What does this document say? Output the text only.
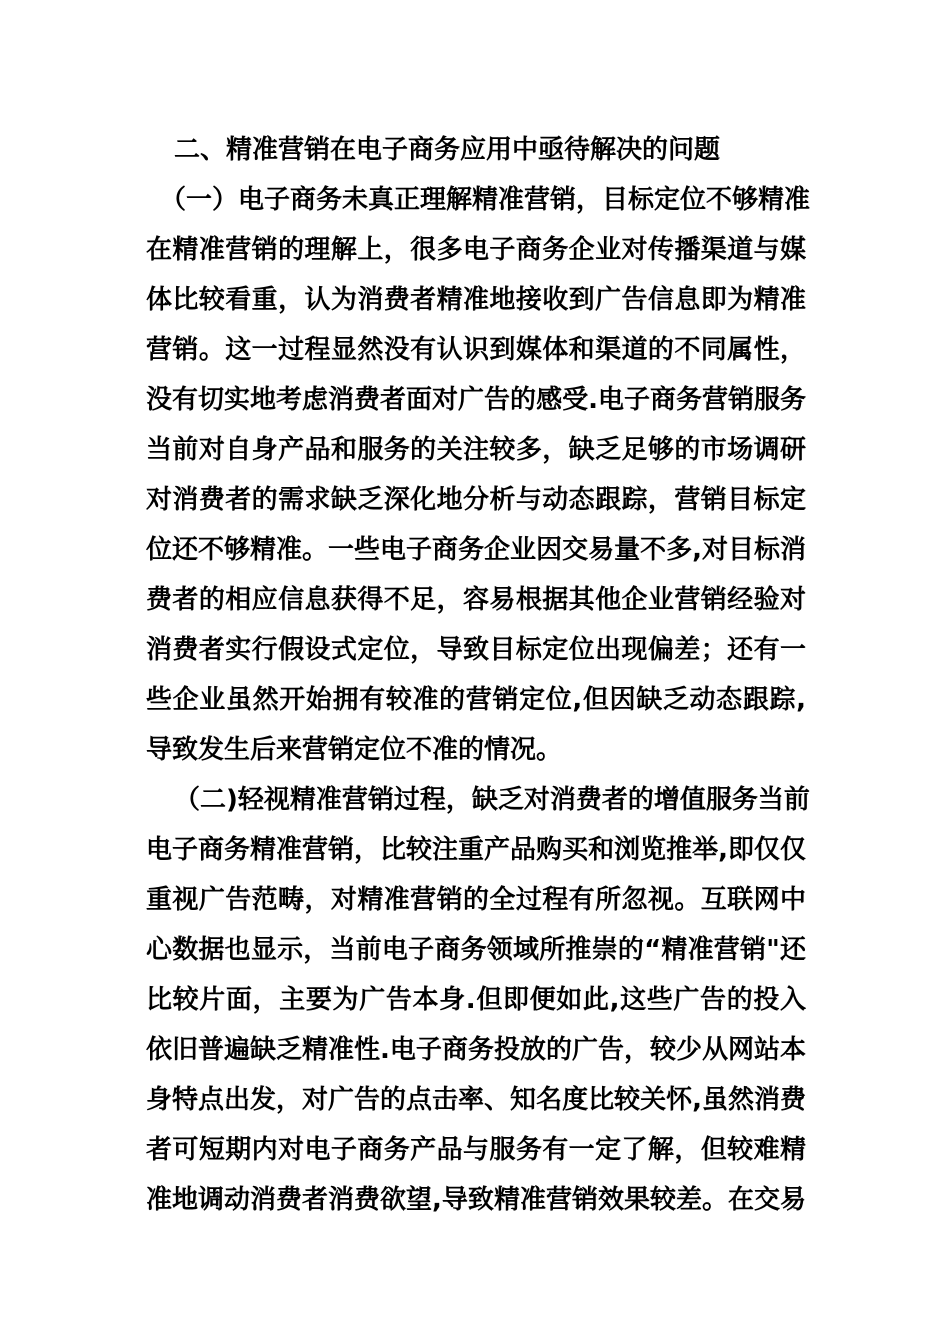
二、精准营销在电子商务应用中亟待解决的问题
（一）电子商务未真正理解精准营销，目标定位不够精准
在精准营销的理解上，很多电子商务企业对传播渠道与媒
体比较看重，认为消费者精准地接收到广告信息即为精准
营销。这一过程显然没有认识到媒体和渠道的不同属性，
没有切实地考虑消费者面对广告的感受.电子商务营销服务
当前对自身产品和服务的关注较多，缺乏足够的市场调研
对消费者的需求缺乏深化地分析与动态跟踪，营销目标定
位还不够精准。一些电子商务企业因交易量不多,对目标消
费者的相应信息获得不足，容易根据其他企业营销经验对
消费者实行假设式定位，导致目标定位出现偏差；还有一
些企业虽然开始拥有较准的营销定位,但因缺乏动态跟踪,
导致发生后来营销定位不准的情况。
（二)轻视精准营销过程，缺乏对消费者的增值服务当前
电子商务精准营销，比较注重产品购买和浏览推举,即仅仅
重视广告范畴，对精准营销的全过程有所忽视。互联网中
心数据也显示，当前电子商务领域所推崇的“精准营销"还
比较片面，主要为广告本身.但即便如此,这些广告的投入
依旧普遍缺乏精准性.电子商务投放的广告，较少从网站本
身特点出发，对广告的点击率、知名度比较关怀,虽然消费
者可短期内对电子商务产品与服务有一定了解，但较难精
准地调动消费者消费欲望,导致精准营销效果较差。在交易
